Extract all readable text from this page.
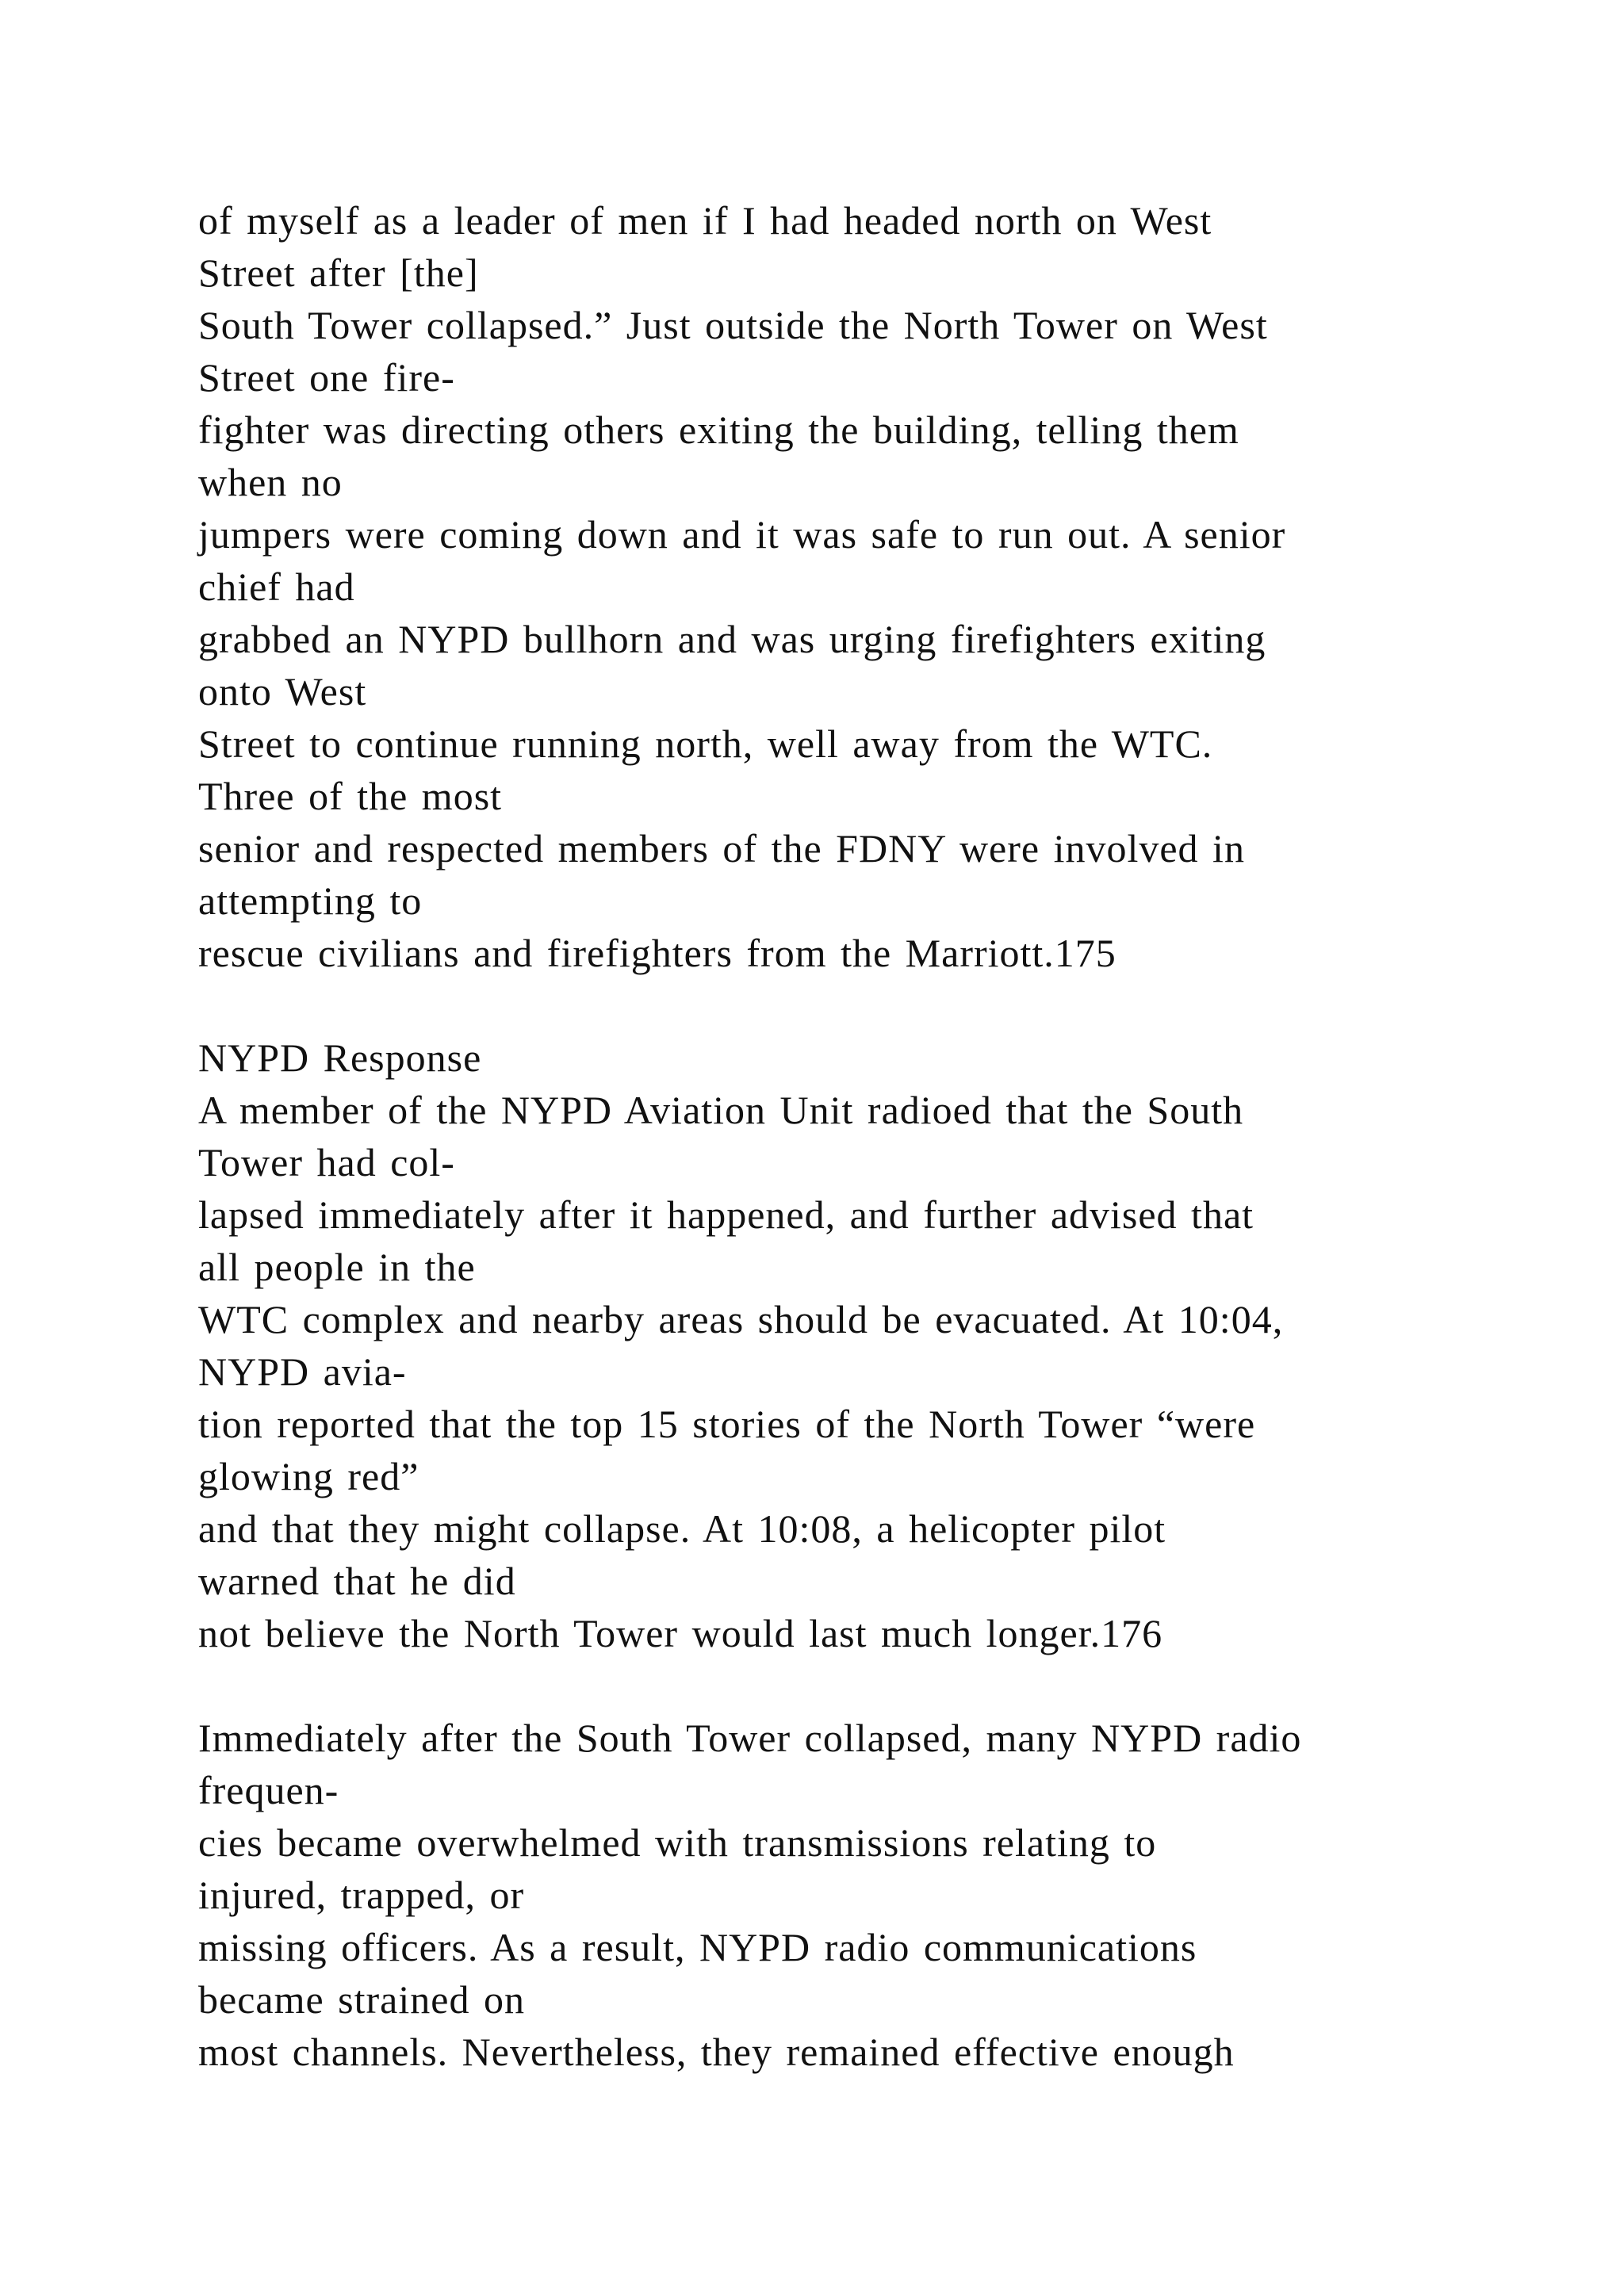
of myself as a leader of men if I had headed north on West
Street after [the]
South Tower collapsed.” Just outside the North Tower on West
Street one fire-
fighter was directing others exiting the building, telling them
when no
jumpers were coming down and it was safe to run out. A senior
chief had
grabbed an NYPD bullhorn and was urging firefighters exiting
onto West
Street to continue running north, well away from the WTC.
Three of the most
senior and respected members of the FDNY were involved in
attempting to
rescue civilians and firefighters from the Marriott.175
NYPD Response
A member of the NYPD Aviation Unit radioed that the South
Tower had col-
lapsed immediately after it happened, and further advised that
all people in the
WTC complex and nearby areas should be evacuated. At 10:04,
NYPD avia-
tion reported that the top 15 stories of the North Tower “were
glowing red”
and that they might collapse. At 10:08, a helicopter pilot
warned that he did
not believe the North Tower would last much longer.176
Immediately after the South Tower collapsed, many NYPD radio
frequen-
cies became overwhelmed with transmissions relating to
injured, trapped, or
missing officers. As a result, NYPD radio communications
became strained on
most channels. Nevertheless, they remained effective enough
